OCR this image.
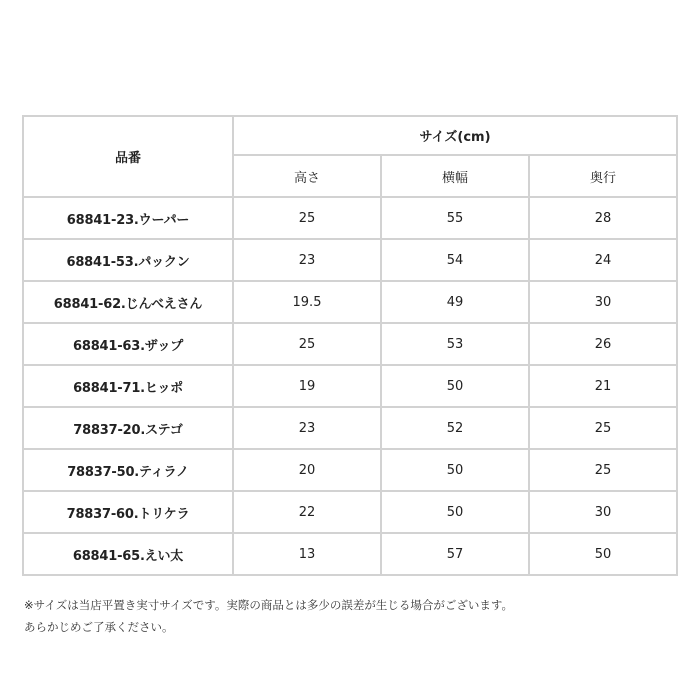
品番	サイズ(cm)		
	高さ	横幅	奥行
68841-23.ウーパー	25	55	28
68841-53.パックン	23	54	24
68841-62.じんべえさん	19.5	49	30
68841-63.ザップ	25	53	26
68841-71.ヒッポ	19	50	21
78837-20.ステゴ	23	52	25
78837-50.ティラノ	20	50	25
78837-60.トリケラ	22	50	30
68841-65.えい太	13	57	50
※サイズは当店平置き実寸サイズです。実際の商品とは多少の誤差が生じる場合がございます。
あらかじめご了承ください。
